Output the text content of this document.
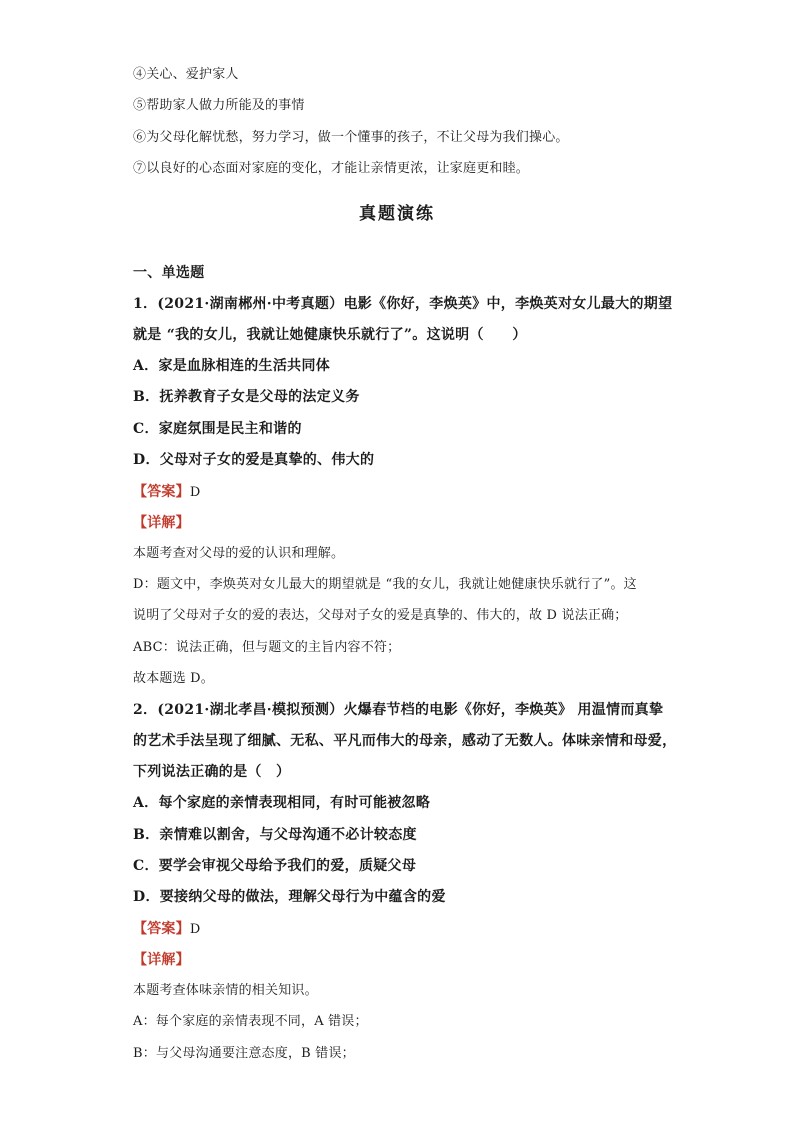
④关心、爱护家人
⑤帮助家人做力所能及的事情
⑥为父母化解忧愁，努力学习，做一个懂事的孩子，不让父母为我们操心。
⑦以良好的心态面对家庭的变化，才能让亲情更浓，让家庭更和睦。
真题演练
一、单选题
1．(2021·湖南郴州·中考真题）电影《你好，李焕英》中，李焕英对女儿最大的期望
就是 “我的女儿，我就让她健康快乐就行了”。这说明（　　）
A．家是血脉相连的生活共同体
B．抚养教育子女是父母的法定义务
C．家庭氛围是民主和谐的
D．父母对子女的爱是真挚的、伟大的
【答案】D
【详解】
本题考查对父母的爱的认识和理解。
D：题文中，李焕英对女儿最大的期望就是 “我的女儿，我就让她健康快乐就行了”。这
说明了父母对子女的爱的表达，父母对子女的爱是真挚的、伟大的，故 D 说法正确；
ABC：说法正确，但与题文的主旨内容不符；
故本题选 D。
2．(2021·湖北孝昌·模拟预测）火爆春节档的电影《你好，李焕英》 用温情而真挚
的艺术手法呈现了细腻、无私、平凡而伟大的母亲，感动了无数人。体味亲情和母爱，
下列说法正确的是（　）
A．每个家庭的亲情表现相同，有时可能被忽略
B．亲情难以割舍，与父母沟通不必计较态度
C．要学会审视父母给予我们的爱，质疑父母
D．要接纳父母的做法，理解父母行为中蕴含的爱
【答案】D
【详解】
本题考查体味亲情的相关知识。
A：每个家庭的亲情表现不同，A 错误；
B：与父母沟通要注意态度，B 错误；
